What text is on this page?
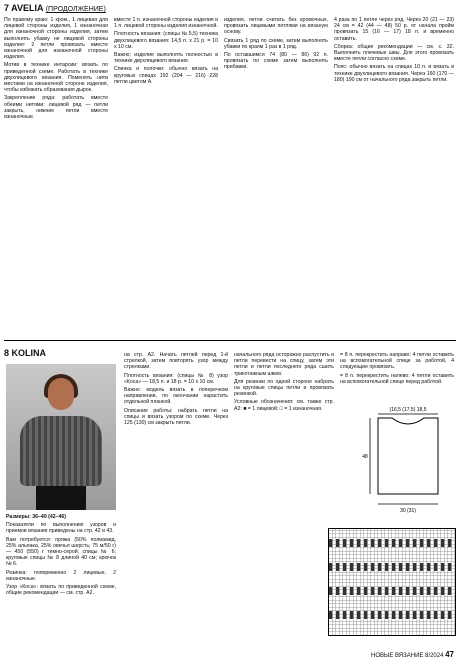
7 AVELIA (ПРОДОЛЖЕНИЕ)

По правому краю: 1 кром., 1 лицевая для лицевой стороны изделия, 1 изнаночная для изнаночной стороны изделия, затем выполнять убавку не лицевой стороны изделия: 2 петли провязать вместе изнаночной для изнаночной стороны изделия.

Мотив в технике интарсии: вязать по приведенной схеме. Работать в технике двухлицевого вязания. Поменять нити местами на изнаночной стороне изделия, чтобы избежать образования дырок.

Закрепление ряда: работать вместе обеими нитями: лицевой ряд — петли закрыть, нижние петли вместе изнаночные.

вместе 1 п. изнаночной стороны изделия и 1 п. лицевой стороны изделия изнаночной.

Плотность вязания: (спицы № 5,5) техника двухлицевого вязания: 14,5 п. x 21 р. = 10 x 10 см.

Важно: изделие выполнять полностью в технике двухлицевого вязания.

Спинка и полочки: обычно вязать на круговых спицах 192 (204 — 216) 228 петли цветом А.

изделия, петли считать без кромочных, провязать лицевыми петлями на вязаную основу.

Связать 1 ряд по схеме, затем выполнять убавки по краям 1 раз в 1 ряд.

По оставшимся 74 (80 — 86) 92 п. провязать по схеме затем выполнять прибавки.

4 раза по 1 петле через ряд. Через 20 (21 — 23) 24 см = 42 (44 — 48) 50 р. от начала пройм провязать 15 (16 — 17) 18 п. и временно оставить.

Сборка: общие рекомендации — см. с. 32. Выполнить плечевые швы. Для этого провязать вместе петли согласно схеме.

Пояс: обычно вязать на спицах 10 п. и вязать в технике двухлицевого вязания. Через 160 (170 — 180) 190 см от начального ряда закрыть петли.

8 KOLINA

Размеры: 36–40 (42–46)

Показатели по выполнению узоров и приемов вязания приведены на стр. 42 и 43.

Вам потребуется: пряжа (50% полиамид, 25% альпака, 25% овечья шерсть; 75 м/50 г) — 450 (550) г темно-серой; спицы № 6; круговые спицы № 8 длиной 40 см; крючок № 6.

Резинка: попеременно 2 лицевые, 2 изнаночные.

Узор «Коса»: вязать по приведенной схеме, общие рекомендации — см. стр. А2.

на стр. А2. Начать петлей перед 1-й стрелкой, затем повторять узор между стрелками.

Плотность вязания: (спицы № 8) узор «Коса» — 18,5 п. и 18 р. = 10 x 10 см.

Важно: модель вязать в поперечном направлении, по окончании нарастить отдельной планкой.

Описание работы: набрать петли на спицы и вязать узором по схеме. Через 125 (130) см закрыть петли.

начального ряда осторожно распустить и петли перевести на спицу, затем эти петли и петли последнего ряда сшить трикотажным швом.

Для резинки по одной стороне набрать на круговые спицы петли и провязать резинкой.

Условные обозначения: см. также стр. А2: ■ = 1 лицевой; □ = 1 изнаночная.

= 8 п. перекрестить направо: 4 петли оставить на вспомогательной спице за работой, 4 следующие провязать.

= 8 п. перекрестить налево: 4 петли оставить на вспомогательной спице перед работой.

(16,5 (17,5) 18,5
48
30 (31)
НОВЫЕ ВЯЗАНИЕ 8/2024 47
